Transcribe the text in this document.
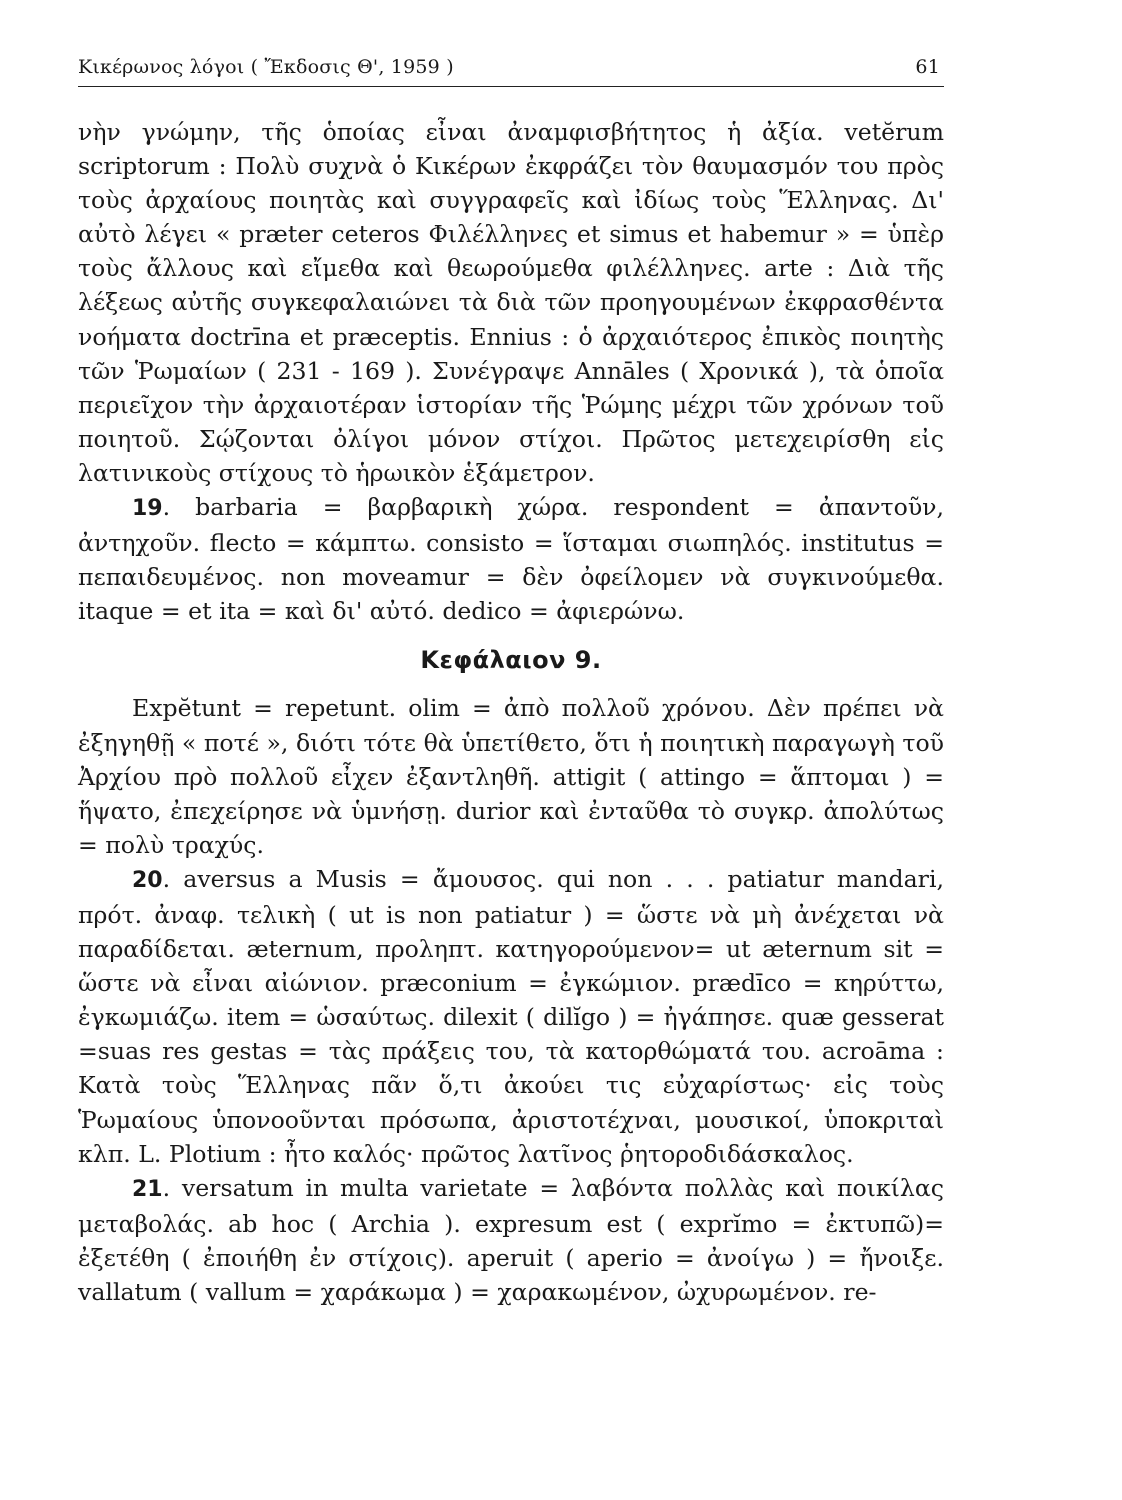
Κικέρωνος λόγοι ( Ἔκδοσις Θ', 1959 )	61

νὴν γνώμην, τῆς ὁποίας εἶναι ἀναμφισβήτητος ἡ ἀξία. vetĕrum scriptorum : Πολὺ συχνὰ ὁ Κικέρων ἐκφράζει τὸν θαυμασμόν του πρὸς τοὺς ἀρχαίους ποιητὰς καὶ συγγραφεῖς καὶ ἰδίως τοὺς Ἕλληνας. Δι' αὐτὸ λέγει « præter ceteros Φιλέλληνες et simus et habemur » = ὑπὲρ τοὺς ἄλλους καὶ εἴμεθα καὶ θεωρούμεθα φιλέλληνες. arte : Διὰ τῆς λέξεως αὐτῆς συγκεφαλαιώνει τὰ διὰ τῶν προηγουμένων ἐκφρασθέντα νοήματα doctrīna et præceptis. Ennius : ὁ ἀρχαιότερος ἐπικὸς ποιητὴς τῶν Ῥωμαίων ( 231 - 169 ). Συνέγραψε Annāles ( Χρονικά ), τὰ ὁποῖα περιεῖχον τὴν ἀρχαιοτέραν ἱστορίαν τῆς Ῥώμης μέχρι τῶν χρόνων τοῦ ποιητοῦ. Σῴζονται ὀλίγοι μόνον στίχοι. Πρῶτος μετεχειρίσθη εἰς λατινικοὺς στίχους τὸ ἡρωικὸν ἑξάμετρον.

19. barbaria = βαρβαρικὴ χώρα. respondent = ἀπαντοῦν, ἀντηχοῦν. flecto = κάμπτω. consisto = ἵσταμαι σιωπηλός. institutus = πεπαιδευμένος. non moveamur = δὲν ὀφείλομεν νὰ συγκινούμεθα. itaque = et ita = καὶ δι' αὐτό. dedico = ἀφιερώνω.

Κεφάλαιον 9.

Expĕtunt = repetunt. olim = ἀπὸ πολλοῦ χρόνου. Δὲν πρέπει νὰ ἐξηγηθῇ « ποτέ », διότι τότε θὰ ὑπετίθετο, ὅτι ἡ ποιητικὴ παραγωγὴ τοῦ Ἀρχίου πρὸ πολλοῦ εἶχεν ἐξαντληθῆ. attigit ( attingo = ἅπτομαι ) = ἥψατο, ἐπεχείρησε νὰ ὑμνήσῃ. durior καὶ ἐνταῦθα τὸ συγκρ. ἀπολύτως = πολὺ τραχύς.

20. aversus a Musis = ἄμουσος. qui non . . . patiatur mandari, πρότ. ἀναφ. τελικὴ ( ut is non patiatur ) = ὥστε νὰ μὴ ἀνέχεται νὰ παραδίδεται. æternum, προληπτ. κατηγορούμενον= ut æternum sit = ὥστε νὰ εἶναι αἰώνιον. præconium = ἐγκώμιον. prædīco = κηρύττω, ἐγκωμιάζω. item = ὡσαύτως. dilexit ( dilĭgo ) = ἠγάπησε. quæ gesserat =suas res gestas = τὰς πράξεις του, τὰ κατορθώματά του. acroāma : Κατὰ τοὺς Ἕλληνας πᾶν ὅ,τι ἀκούει τις εὐχαρίστως· εἰς τοὺς Ῥωμαίους ὑπονοοῦνται πρόσωπα, ἀριστοτέχναι, μουσικοί, ὑποκριταὶ κλπ. L. Plotium : ἦτο καλός· πρῶτος λατῖνος ῥητοροδιδάσκαλος.

21. versatum in multa varietate = λαβόντα πολλὰς καὶ ποικίλας μεταβολάς. ab hoc ( Archia ). expresum est ( exprĭmo = ἐκτυπῶ)= ἐξετέθη ( ἐποιήθη ἐν στίχοις). aperuit ( aperio = ἀνοίγω ) = ἤνοιξε. vallatum ( vallum = χαράκωμα ) = χαρακωμένον, ὠχυρωμένον. re-
